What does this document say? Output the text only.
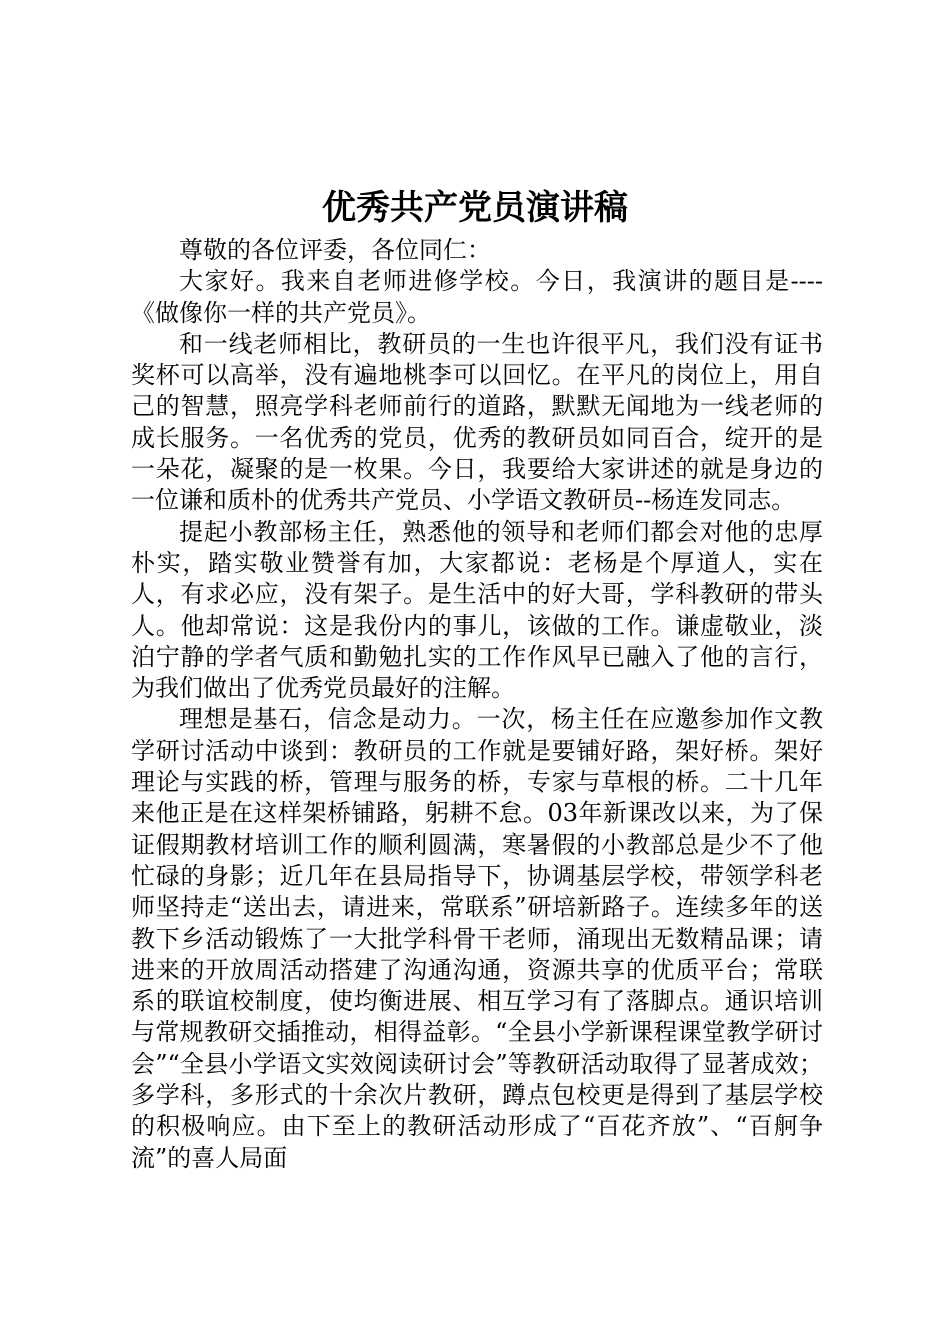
优秀共产党员演讲稿

尊敬的各位评委，各位同仁：

大家好。我来自老师进修学校。今日，我演讲的题目是----《做像你一样的共产党员》。

和一线老师相比，教研员的一生也许很平凡，我们没有证书奖杯可以高举，没有遍地桃李可以回忆。在平凡的岗位上，用自己的智慧，照亮学科老师前行的道路，默默无闻地为一线老师的成长服务。一名优秀的党员，优秀的教研员如同百合，绽开的是一朵花，凝聚的是一枚果。今日，我要给大家讲述的就是身边的一位谦和质朴的优秀共产党员、小学语文教研员--杨连发同志。

提起小教部杨主任，熟悉他的领导和老师们都会对他的忠厚朴实，踏实敬业赞誉有加，大家都说：老杨是个厚道人，实在人，有求必应，没有架子。是生活中的好大哥，学科教研的带头人。他却常说：这是我份内的事儿，该做的工作。谦虚敬业，淡泊宁静的学者气质和勤勉扎实的工作作风早已融入了他的言行，为我们做出了优秀党员最好的注解。

理想是基石，信念是动力。一次，杨主任在应邀参加作文教学研讨活动中谈到：教研员的工作就是要铺好路，架好桥。架好理论与实践的桥，管理与服务的桥，专家与草根的桥。二十几年来他正是在这样架桥铺路，躬耕不怠。03年新课改以来，为了保证假期教材培训工作的顺利圆满，寒暑假的小教部总是少不了他忙碌的身影；近几年在县局指导下，协调基层学校，带领学科老师坚持走“送出去，请进来，常联系”研培新路子。连续多年的送教下乡活动锻炼了一大批学科骨干老师，涌现出无数精品课；请进来的开放周活动搭建了沟通沟通，资源共享的优质平台；常联系的联谊校制度，使均衡进展、相互学习有了落脚点。通识培训与常规教研交插推动，相得益彰。“全县小学新课程课堂教学研讨会”“全县小学语文实效阅读研讨会”等教研活动取得了显著成效；多学科，多形式的十余次片教研，蹲点包校更是得到了基层学校的积极响应。由下至上的教研活动形成了“百花齐放”、“百舸争流”的喜人局面
